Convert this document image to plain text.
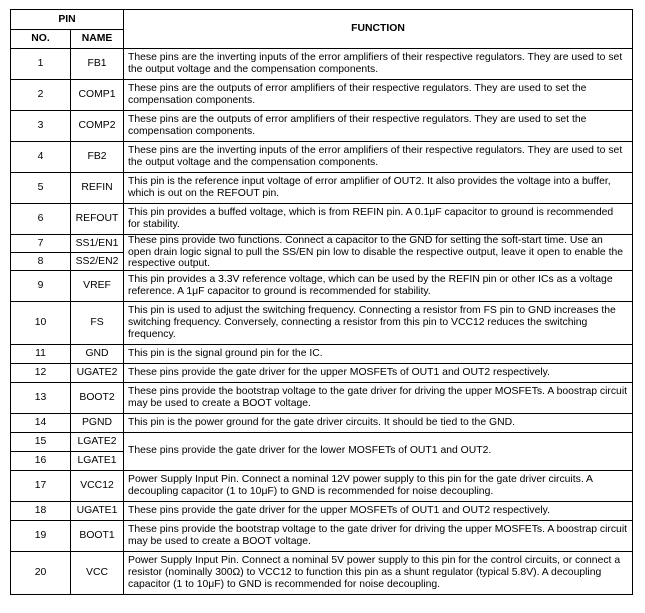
PIN		FUNCTION
NO.	NAME	
1	FB1	These pins are the inverting inputs of the error amplifiers of their respective regulators. They are used to set the output voltage and the compensation components.
2	COMP1	These pins are the outputs of error amplifiers of their respective regulators. They are used to set the compensation components.
3	COMP2	These pins are the outputs of error amplifiers of their respective regulators. They are used to set the compensation components.
4	FB2	These pins are the inverting inputs of the error amplifiers of their respective regulators. They are used to set the output voltage and the compensation components.
5	REFIN	This pin is the reference input voltage of error amplifier of OUT2. It also provides the voltage into a buffer, which is out on the REFOUT pin.
6	REFOUT	This pin provides a buffed voltage, which is from REFIN pin. A 0.1μF capacitor to ground is recommended for stability.
7	SS1/EN1	These pins provide two functions. Connect a capacitor to the GND for setting the soft-start time. Use an open drain logic signal to pull the SS/EN pin low to disable the respective output, leave it open to enable the respective output.
8	SS2/EN2	
9	VREF	This pin provides a 3.3V reference voltage, which can be used by the REFIN pin or other ICs as a voltage reference. A 1μF capacitor to ground is recommended for stability.
10	FS	This pin is used to adjust the switching frequency. Connecting a resistor from FS pin to GND increases the switching frequency. Conversely, connecting a resistor from this pin to VCC12 reduces the switching frequency.
11	GND	This pin is the signal ground pin for the IC.
12	UGATE2	These pins provide the gate driver for the upper MOSFETs of OUT1 and OUT2 respectively.
13	BOOT2	These pins provide the bootstrap voltage to the gate driver for driving the upper MOSFETs. A boostrap circuit may be used to create a BOOT voltage.
14	PGND	This pin is the power ground for the gate driver circuits. It should be tied to the GND.
15	LGATE2	These pins provide the gate driver for the lower MOSFETs of OUT1 and OUT2.
16	LGATE1	
17	VCC12	Power Supply Input Pin. Connect a nominal 12V power supply to this pin for the gate driver circuits. A decoupling capacitor (1 to 10μF) to GND is recommended for noise decoupling.
18	UGATE1	These pins provide the gate driver for the upper MOSFETs of OUT1 and OUT2 respectively.
19	BOOT1	These pins provide the bootstrap voltage to the gate driver for driving the upper MOSFETs. A boostrap circuit may be used to create a BOOT voltage.
20	VCC	Power Supply Input Pin. Connect a nominal 5V power supply to this pin for the control circuits, or connect a resistor (nominally 300Ω) to VCC12 to function this pin as a shunt regulator (typical 5.8V). A decoupling capacitor (1 to 10μF) to GND is recommended for noise decoupling.
